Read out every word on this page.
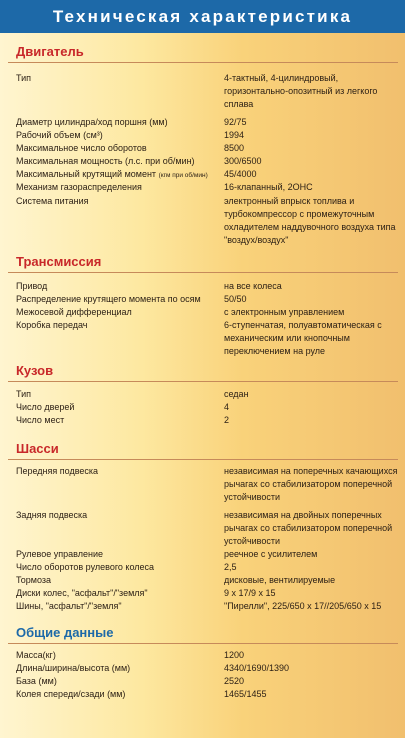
Техническая характеристика
Двигатель
Тип	4-тактный, 4-цилиндровый, горизонтально-опозитный из легкого сплава
Диаметр цилиндра/ход поршня (мм)	92/75
Рабочий объем (см³)	1994
Максимальное число оборотов	8500
Максимальная мощность (л.с. при об/мин)	300/6500
Максимальный крутящий момент (кгм при об/мин) 45/4000
Механизм газораспределения	16-клапанный, 2ОНС
Система питания	электронный впрыск топлива и турбокомпрессор с промежуточным охладителем наддувочного воздуха типа "воздух/воздух"
Трансмиссия
Привод	на все колеса
Распределение крутящего момента по осям	50/50
Межосевой дифференциал	с электронным управлением
Коробка передач	6-ступенчатая, полуавтоматическая с механическим или кнопочным переключением на руле
Кузов
Тип	седан
Число дверей	4
Число мест	2
Шасси
Передняя подвеска	независимая на поперечных качающихся рычагах со стабилизатором поперечной устойчивости
Задняя подвеска	независимая на двойных поперечных рычагах со стабилизатором поперечной устойчивости
Рулевое управление	реечное с усилителем
Число оборотов рулевого колеса	2,5
Тормоза	дисковые, вентилируемые
Диски колес, "асфальт"/"земля"	9 х 17/9 х 15
Шины, "асфальт"/"земля"	"Пирелли", 225/650 х 17//205/650 х 15
Общие данные
Масса(кг)	1200
Длина/ширина/высота (мм)	4340/1690/1390
База (мм)	2520
Колея спереди/сзади (мм)	1465/1455
